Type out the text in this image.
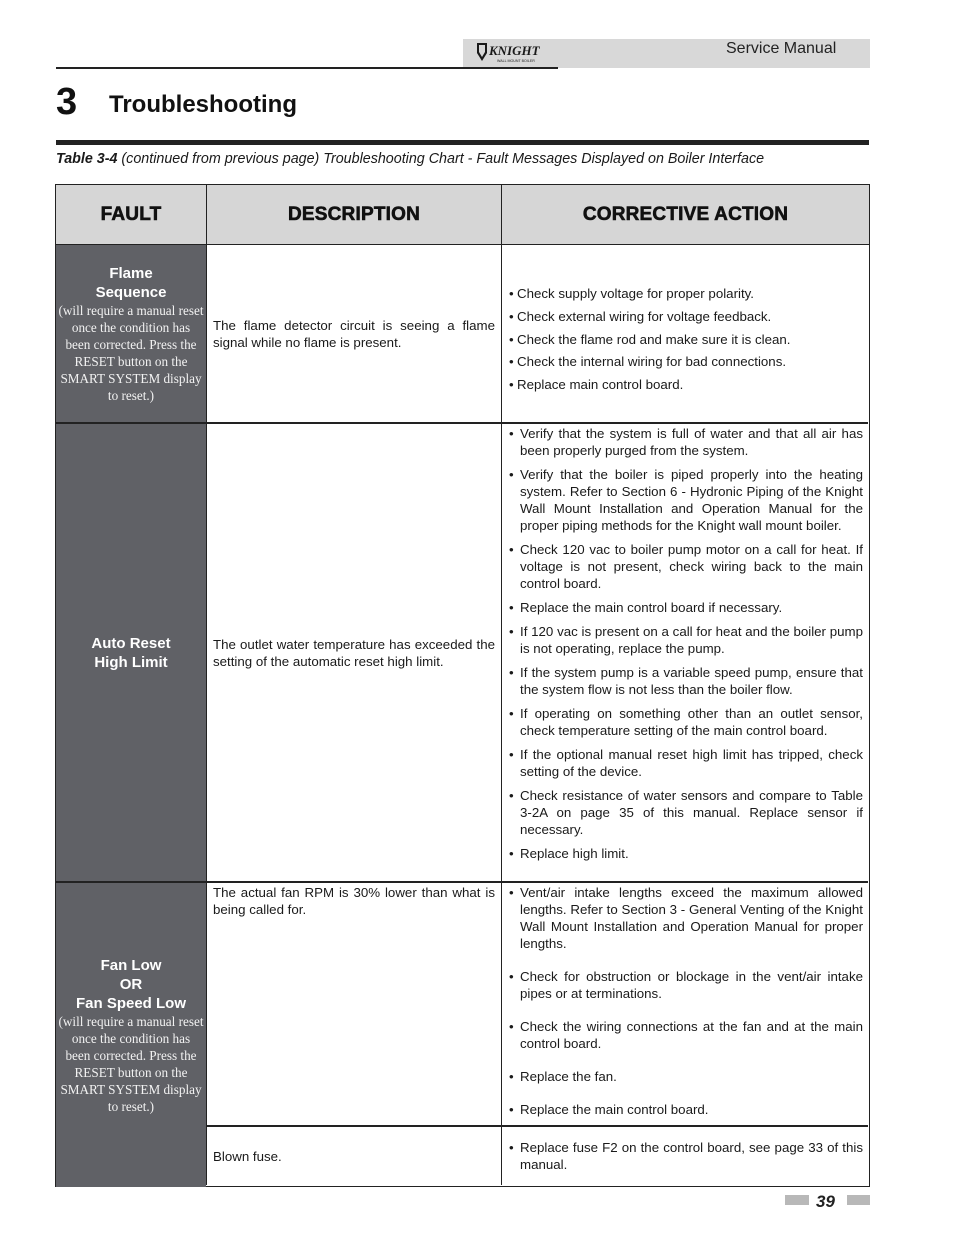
KNIGHT
WALL MOUNT BOILER
Service Manual
3 Troubleshooting
Table 3-4 (continued from previous page) Troubleshooting Chart - Fault Messages Displayed on Boiler Interface
FAULT	DESCRIPTION	CORRECTIVE ACTION
Flame
Sequence
(will require a manual reset once the condition has been corrected. Press the RESET button on the SMART SYSTEM display to reset.)
The flame detector circuit is seeing a flame signal while no flame is present.
• Check supply voltage for proper polarity.
• Check external wiring for voltage feedback.
• Check the flame rod and make sure it is clean.
• Check the internal wiring for bad connections.
• Replace main control board.
Auto Reset
High Limit
The outlet water temperature has exceeded the setting of the automatic reset high limit.
• Verify that the system is full of water and that all air has been properly purged from the system.
• Verify that the boiler is piped properly into the heating system. Refer to Section 6 - Hydronic Piping of the Knight Wall Mount Installation and Operation Manual for the proper piping methods for the Knight wall mount boiler.
• Check 120 vac to boiler pump motor on a call for heat. If voltage is not present, check wiring back to the main control board.
• Replace the main control board if necessary.
• If 120 vac is present on a call for heat and the boiler pump is not operating, replace the pump.
• If the system pump is a variable speed pump, ensure that the system flow is not less than the boiler flow.
• If operating on something other than an outlet sensor, check temperature setting of the main control board.
• If the optional manual reset high limit has tripped, check setting of the device.
• Check resistance of water sensors and compare to Table 3-2A on page 35 of this manual. Replace sensor if necessary.
• Replace high limit.
Fan Low
OR
Fan Speed Low
(will require a manual reset once the condition has been corrected. Press the RESET button on the SMART SYSTEM display to reset.)
The actual fan RPM is 30% lower than what is being called for.
• Vent/air intake lengths exceed the maximum allowed lengths. Refer to Section 3 - General Venting of the Knight Wall Mount Installation and Operation Manual for proper lengths.
• Check for obstruction or blockage in the vent/air intake pipes or at terminations.
• Check the wiring connections at the fan and at the main control board.
• Replace the fan.
• Replace the main control board.
Blown fuse.
• Replace fuse F2 on the control board, see page 33 of this manual.
39
